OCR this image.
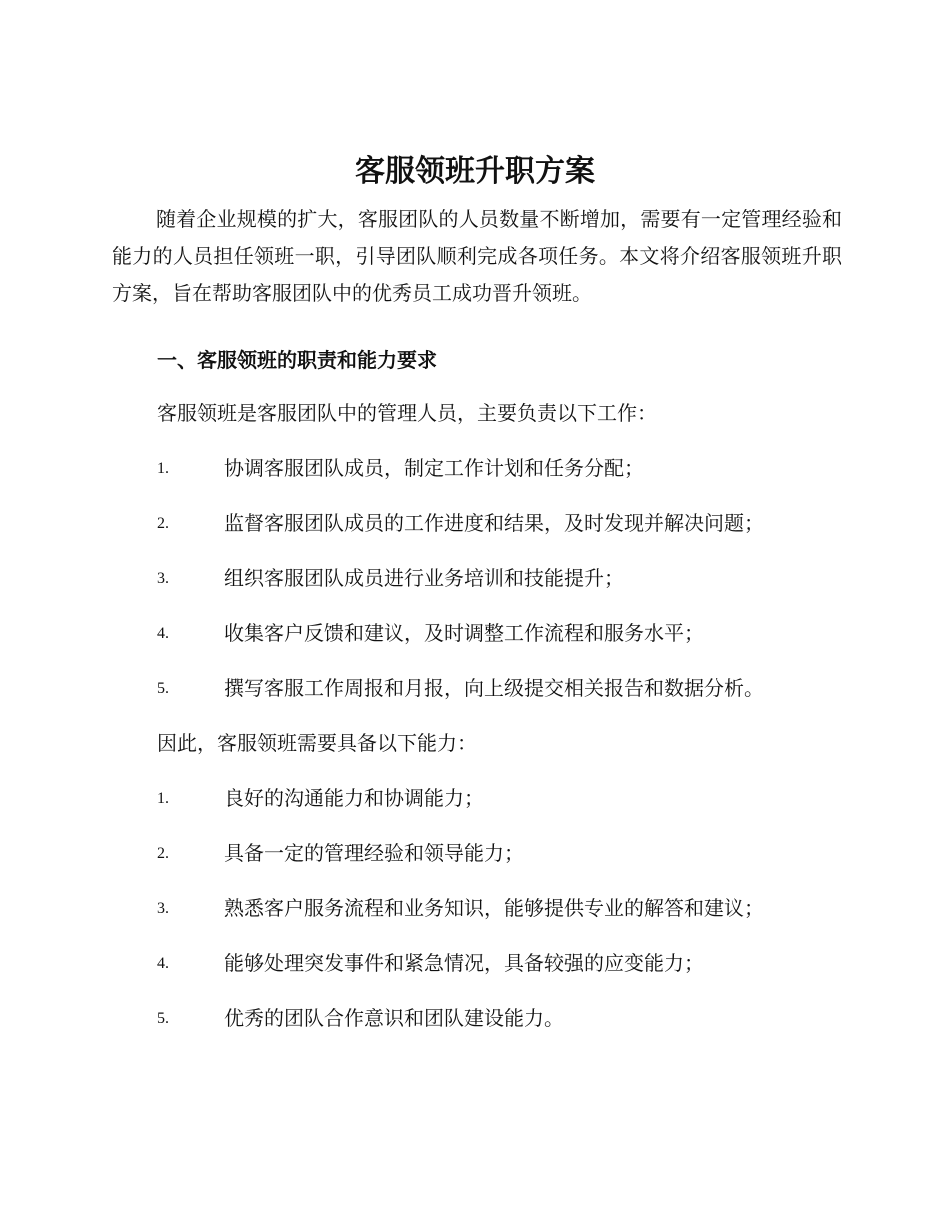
客服领班升职方案

随着企业规模的扩大，客服团队的人员数量不断增加，需要有一定管理经验和能力的人员担任领班一职，引导团队顺利完成各项任务。本文将介绍客服领班升职方案，旨在帮助客服团队中的优秀员工成功晋升领班。

一、客服领班的职责和能力要求

客服领班是客服团队中的管理人员，主要负责以下工作：

1.	协调客服团队成员，制定工作计划和任务分配；
2.	监督客服团队成员的工作进度和结果，及时发现并解决问题；
3.	组织客服团队成员进行业务培训和技能提升；
4.	收集客户反馈和建议，及时调整工作流程和服务水平；
5.	撰写客服工作周报和月报，向上级提交相关报告和数据分析。

因此，客服领班需要具备以下能力：

1.	良好的沟通能力和协调能力；
2.	具备一定的管理经验和领导能力；
3.	熟悉客户服务流程和业务知识，能够提供专业的解答和建议；
4.	能够处理突发事件和紧急情况，具备较强的应变能力；
5.	优秀的团队合作意识和团队建设能力。
